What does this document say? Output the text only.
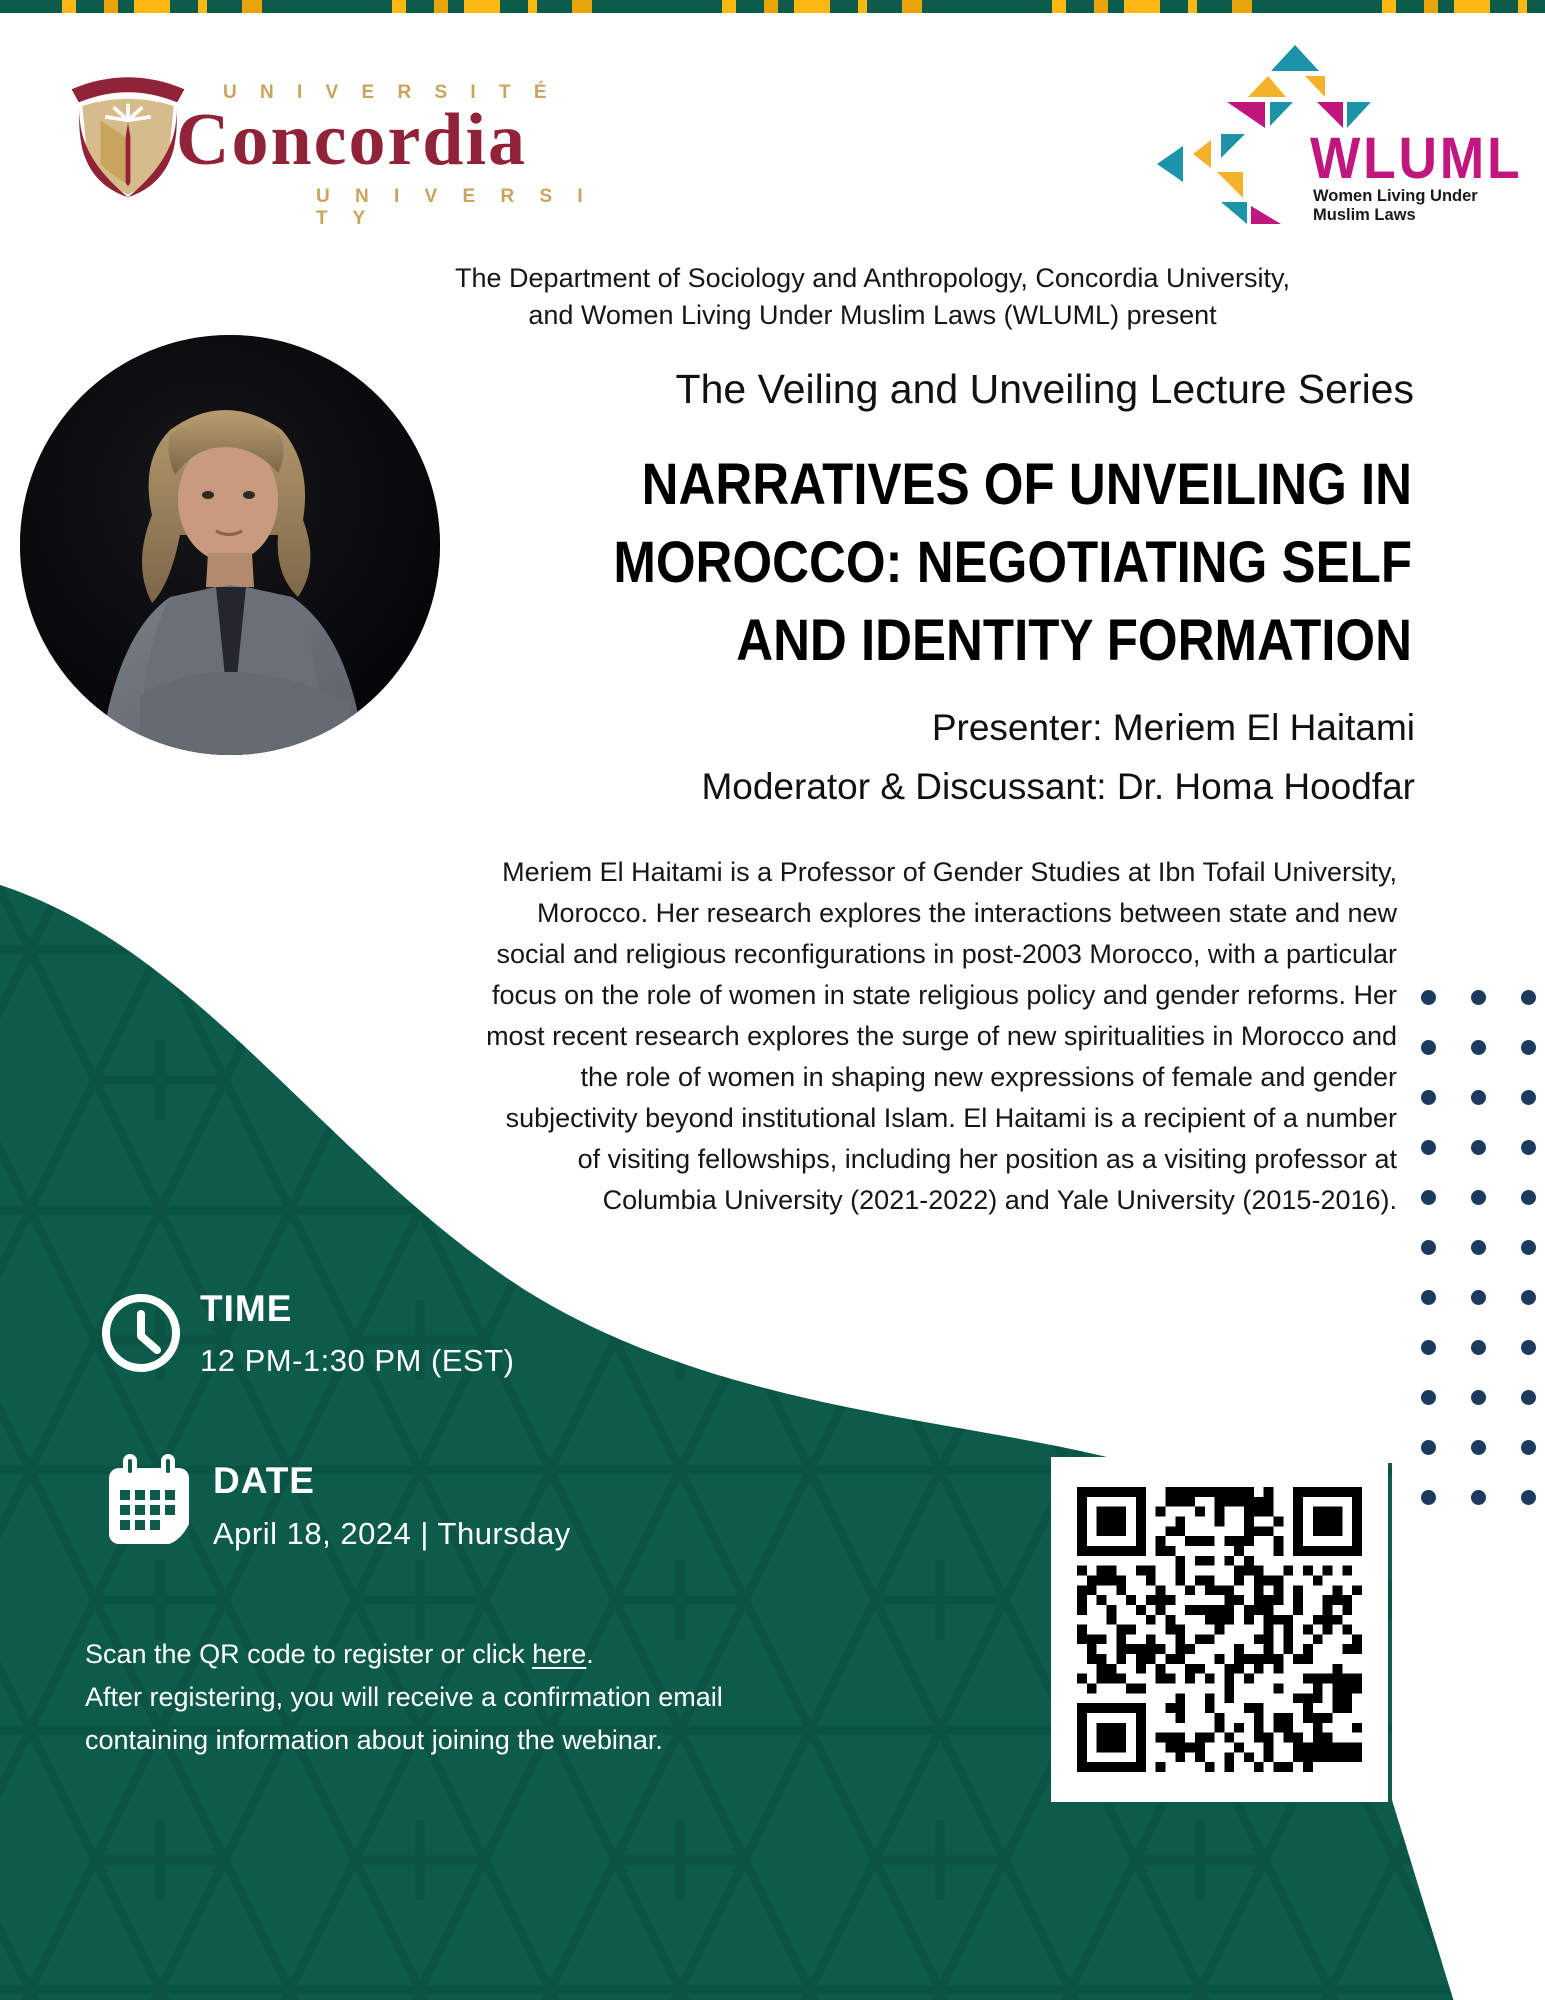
U N I V E R S I T É
Concordia
U N I V E R S I T Y
WLUML
Women Living Under Muslim Laws
The Department of Sociology and Anthropology, Concordia University,
and Women Living Under Muslim Laws (WLUML) present
The Veiling and Unveiling Lecture Series
NARRATIVES OF UNVEILING IN
MOROCCO: NEGOTIATING SELF
AND IDENTITY FORMATION
Presenter: Meriem El Haitami
Moderator & Discussant: Dr. Homa Hoodfar
Meriem El Haitami is a Professor of Gender Studies at Ibn Tofail University,
Morocco. Her research explores the interactions between state and new
social and religious reconfigurations in post-2003 Morocco, with a particular
focus on the role of women in state religious policy and gender reforms. Her
most recent research explores the surge of new spiritualities in Morocco and
the role of women in shaping new expressions of female and gender
subjectivity beyond institutional Islam. El Haitami is a recipient of a number
of visiting fellowships, including her position as a visiting professor at
Columbia University (2021-2022) and Yale University (2015-2016).
TIME
12 PM-1:30 PM (EST)
DATE
April 18, 2024 | Thursday
Scan the QR code to register or click here.
After registering, you will receive a confirmation email
containing information about joining the webinar.
